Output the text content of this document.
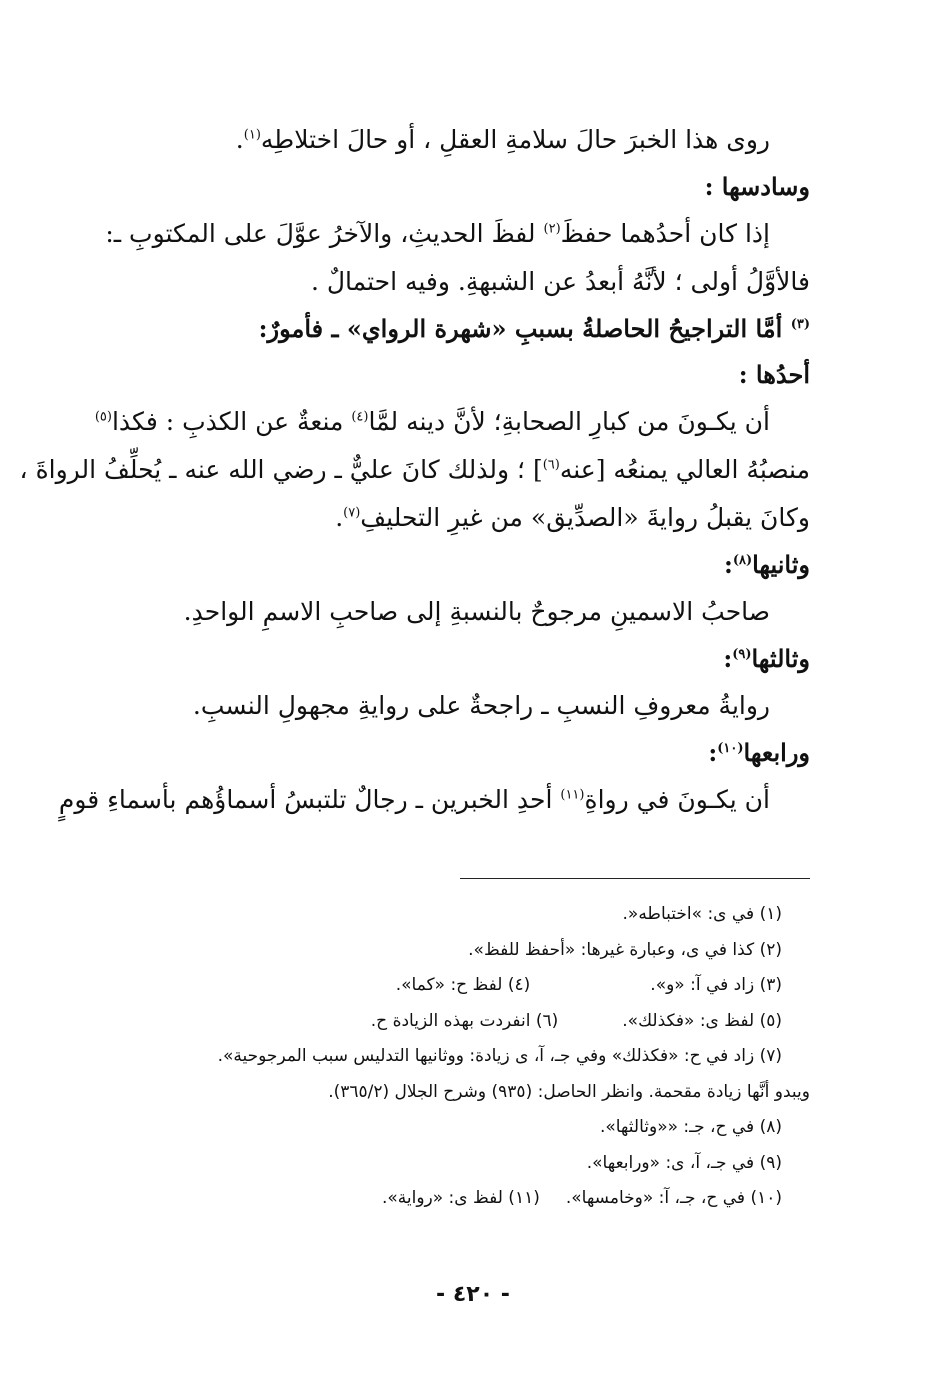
روى هذا الخبرَ حالَ سلامةِ العقلِ ، أو حالَ اختلاطِه$^{(١)}$.

وسادسها :

إذا كان أحدُهما حفظَ$^{(٢)}$ لفظَ الحديثِ، والآخرُ عوَّلَ على المكتوبِ ـ:

فالأوَّلُ أولى ؛ لأنَّهُ أبعدُ عن الشبهةِ. وفيه احتمالٌ .

$^{(٣)}$ أمَّا التراجيحُ الحاصلةُ بسببِ «شهرة الرواي» ـ فأمورٌ:

أحدُها :

أن يكـونَ من كبارِ الصحابةِ؛ لأنَّ دينه لمَّا$^{(٤)}$ منعةٌ عن الكذبِ : فكذا$^{(٥)}$

منصبُهُ العالي يمنعُه [عنه$^{(٦)}$] ؛ ولذلك كانَ عليٌّ ـ رضي الله عنه ـ يُحلِّفُ الرواةَ ،

وكانَ يقبلُ روايةَ «الصدِّيق» من غيرِ التحليفِ$^{(٧)}$.

وثانيها$^{(٨)}$:

صاحبُ الاسمينِ مرجوحٌ بالنسبةِ إلى صاحبِ الاسمِ الواحدِ.

وثالثها$^{(٩)}$:

روايةُ معروفِ النسبِ ـ راجحةٌ على روايةِ مجهولِ النسبِ.

ورابعها$^{(١٠)}$:

أن يكـونَ في رواةِ$^{(١١)}$ أحدِ الخبرين ـ رجالٌ تلتبسُ أسماؤُهم بأسماءِ قومٍ

(١) في ى: »اختباطه«.

(٢) كذا في ى، وعبارة غيرها: «أحفظ للفظ».

(٣) زاد في آ: «و».
(٤) لفظ ح: «كما».
(٥) لفظ ى: «فكذلك».
(٦) انفردت بهذه الزيادة ح.

(٧) زاد في ح: «فكذلك» وفي جـ، آ، ى زيادة: ووثانيها التدليس سبب المرجوحية».

ويبدو أنَّها زيادة مقحمة. وانظر الحاصل: (٩٣٥) وشرح الجلال (٣٦٥/٢).

(٨) في ح، جـ: ««وثالثها».

(٩) في جـ، آ، ى: «ورابعها».

(١٠) في ح، جـ، آ: «وخامسها».
(١١) لفظ ى: «رواية».
- ٤٢٠ -
